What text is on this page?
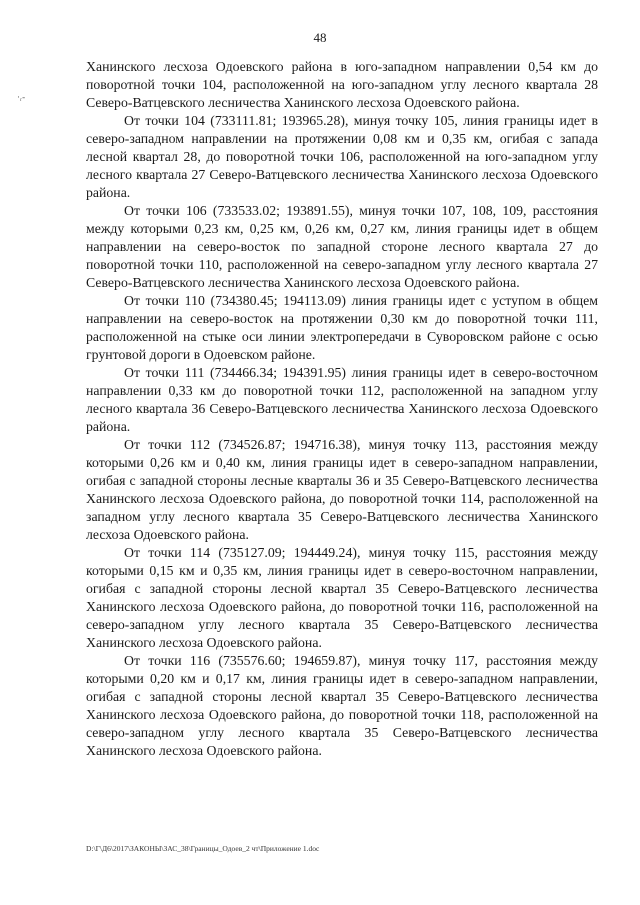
48
·ᵣ-

Ханинского лесхоза Одоевского района в юго-западном направлении 0,54 км до поворотной точки 104, расположенной на юго-западном углу лесного квартала 28 Северо-Ватцевского лесничества Ханинского лесхоза Одоевского района.

От точки 104 (733111.81; 193965.28), минуя точку 105, линия границы идет в северо-западном направлении на протяжении 0,08 км и 0,35 км, огибая с запада лесной квартал 28, до поворотной точки 106, расположенной на юго-западном углу лесного квартала 27 Северо-Ватцевского лесничества Ханинского лесхоза Одоевского района.

От точки 106 (733533.02; 193891.55), минуя точки 107, 108, 109, расстояния между которыми 0,23 км, 0,25 км, 0,26 км, 0,27 км, линия границы идет в общем направлении на северо-восток по западной стороне лесного квартала 27 до поворотной точки 110, расположенной на северо-западном углу лесного квартала 27 Северо-Ватцевского лесничества Ханинского лесхоза Одоевского района.

От точки 110 (734380.45; 194113.09) линия границы идет с уступом в общем направлении на северо-восток на протяжении 0,30 км до поворотной точки 111, расположенной на стыке оси линии электропередачи в Суворовском районе с осью грунтовой дороги в Одоевском районе.

От точки 111 (734466.34; 194391.95) линия границы идет в северо-восточном направлении 0,33 км до поворотной точки 112, расположенной на западном углу лесного квартала 36 Северо-Ватцевского лесничества Ханинского лесхоза Одоевского района.

От точки 112 (734526.87; 194716.38), минуя точку 113, расстояния между которыми 0,26 км и 0,40 км, линия границы идет в северо-западном направлении, огибая с западной стороны лесные кварталы 36 и 35 Северо-Ватцевского лесничества Ханинского лесхоза Одоевского района, до поворотной точки 114, расположенной на западном углу лесного квартала 35 Северо-Ватцевского лесничества Ханинского лесхоза Одоевского района.

От точки 114 (735127.09; 194449.24), минуя точку 115, расстояния между которыми 0,15 км и 0,35 км, линия границы идет в северо-восточном направлении, огибая с западной стороны лесной квартал 35 Северо-Ватцевского лесничества Ханинского лесхоза Одоевского района, до поворотной точки 116, расположенной на северо-западном углу лесного квартала 35 Северо-Ватцевского лесничества Ханинского лесхоза Одоевского района.

От точки 116 (735576.60; 194659.87), минуя точку 117, расстояния между которыми 0,20 км и 0,17 км, линия границы идет в северо-западном направлении, огибая с западной стороны лесной квартал 35 Северо-Ватцевского лесничества Ханинского лесхоза Одоевского района, до поворотной точки 118, расположенной на северо-западном углу лесного квартала 35 Северо-Ватцевского лесничества Ханинского лесхоза Одоевского района.

D:\Г\Д6\2017\ЗАКОНЫ\ЗАС_38\Границы_Одоев_2 чт\Приложение 1.doc
